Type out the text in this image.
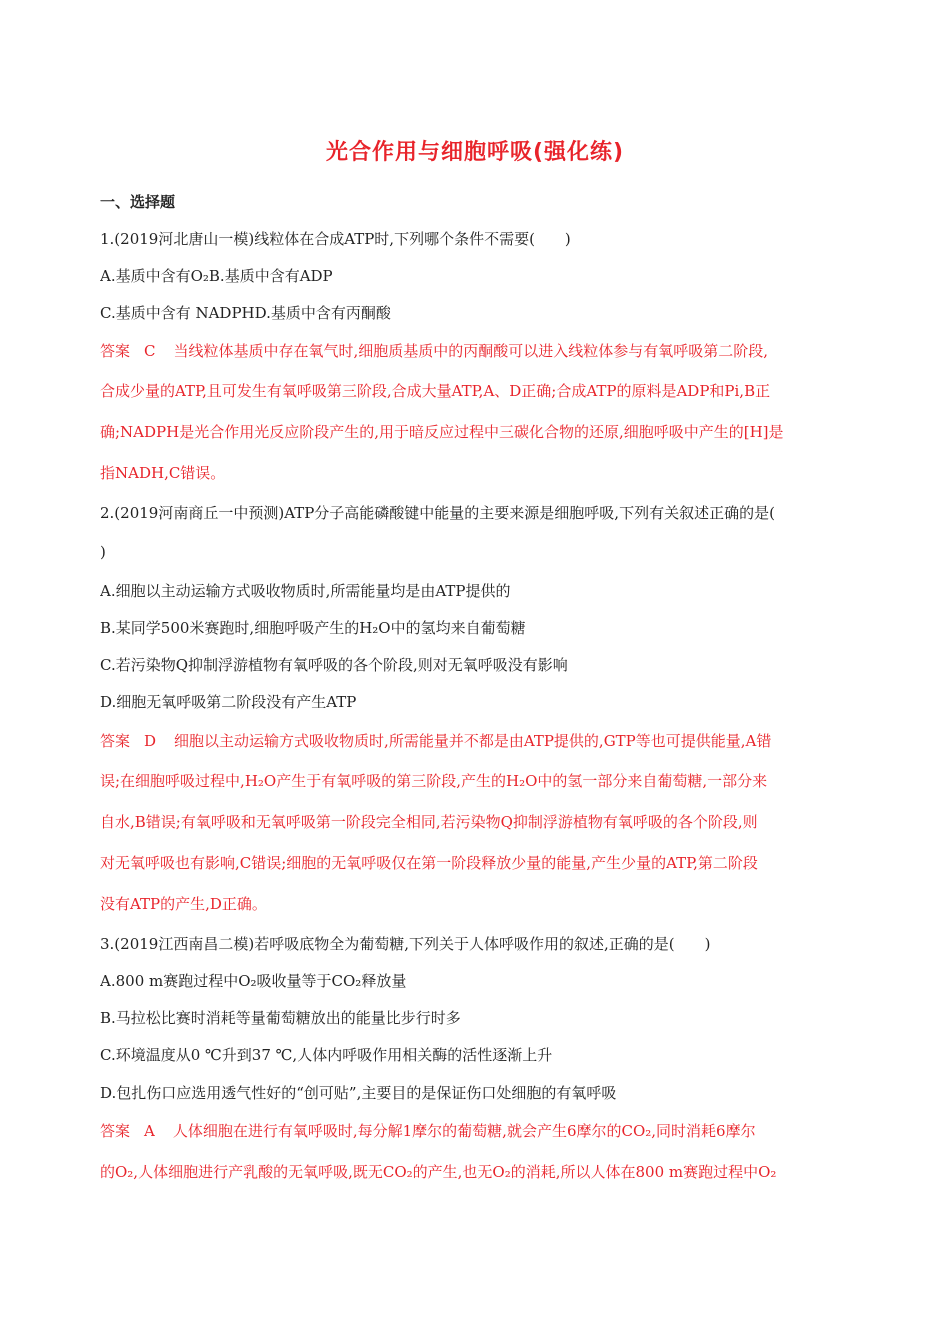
光合作用与细胞呼吸(强化练)
一、选择题
1.(2019河北唐山一模)线粒体在合成ATP时,下列哪个条件不需要(　　)
A.基质中含有O₂B.基质中含有ADP
C.基质中含有 NADPHD.基质中含有丙酮酸
答案 C 当线粒体基质中存在氧气时,细胞质基质中的丙酮酸可以进入线粒体参与有氧呼吸第二阶段,
合成少量的ATP,且可发生有氧呼吸第三阶段,合成大量ATP,A、D正确;合成ATP的原料是ADP和Pi,B正
确;NADPH是光合作用光反应阶段产生的,用于暗反应过程中三碳化合物的还原,细胞呼吸中产生的[H]是
指NADH,C错误。
2.(2019河南商丘一中预测)ATP分子高能磷酸键中能量的主要来源是细胞呼吸,下列有关叙述正确的是(
)
A.细胞以主动运输方式吸收物质时,所需能量均是由ATP提供的
B.某同学500米赛跑时,细胞呼吸产生的H₂O中的氢均来自葡萄糖
C.若污染物Q抑制浮游植物有氧呼吸的各个阶段,则对无氧呼吸没有影响
D.细胞无氧呼吸第二阶段没有产生ATP
答案 D 细胞以主动运输方式吸收物质时,所需能量并不都是由ATP提供的,GTP等也可提供能量,A错
误;在细胞呼吸过程中,H₂O产生于有氧呼吸的第三阶段,产生的H₂O中的氢一部分来自葡萄糖,一部分来
自水,B错误;有氧呼吸和无氧呼吸第一阶段完全相同,若污染物Q抑制浮游植物有氧呼吸的各个阶段,则
对无氧呼吸也有影响,C错误;细胞的无氧呼吸仅在第一阶段释放少量的能量,产生少量的ATP,第二阶段
没有ATP的产生,D正确。
3.(2019江西南昌二模)若呼吸底物全为葡萄糖,下列关于人体呼吸作用的叙述,正确的是(　　)
A.800 m赛跑过程中O₂吸收量等于CO₂释放量
B.马拉松比赛时消耗等量葡萄糖放出的能量比步行时多
C.环境温度从0 ℃升到37 ℃,人体内呼吸作用相关酶的活性逐渐上升
D.包扎伤口应选用透气性好的“创可贴”,主要目的是保证伤口处细胞的有氧呼吸
答案 A 人体细胞在进行有氧呼吸时,每分解1摩尔的葡萄糖,就会产生6摩尔的CO₂,同时消耗6摩尔
的O₂,人体细胞进行产乳酸的无氧呼吸,既无CO₂的产生,也无O₂的消耗,所以人体在800 m赛跑过程中O₂
